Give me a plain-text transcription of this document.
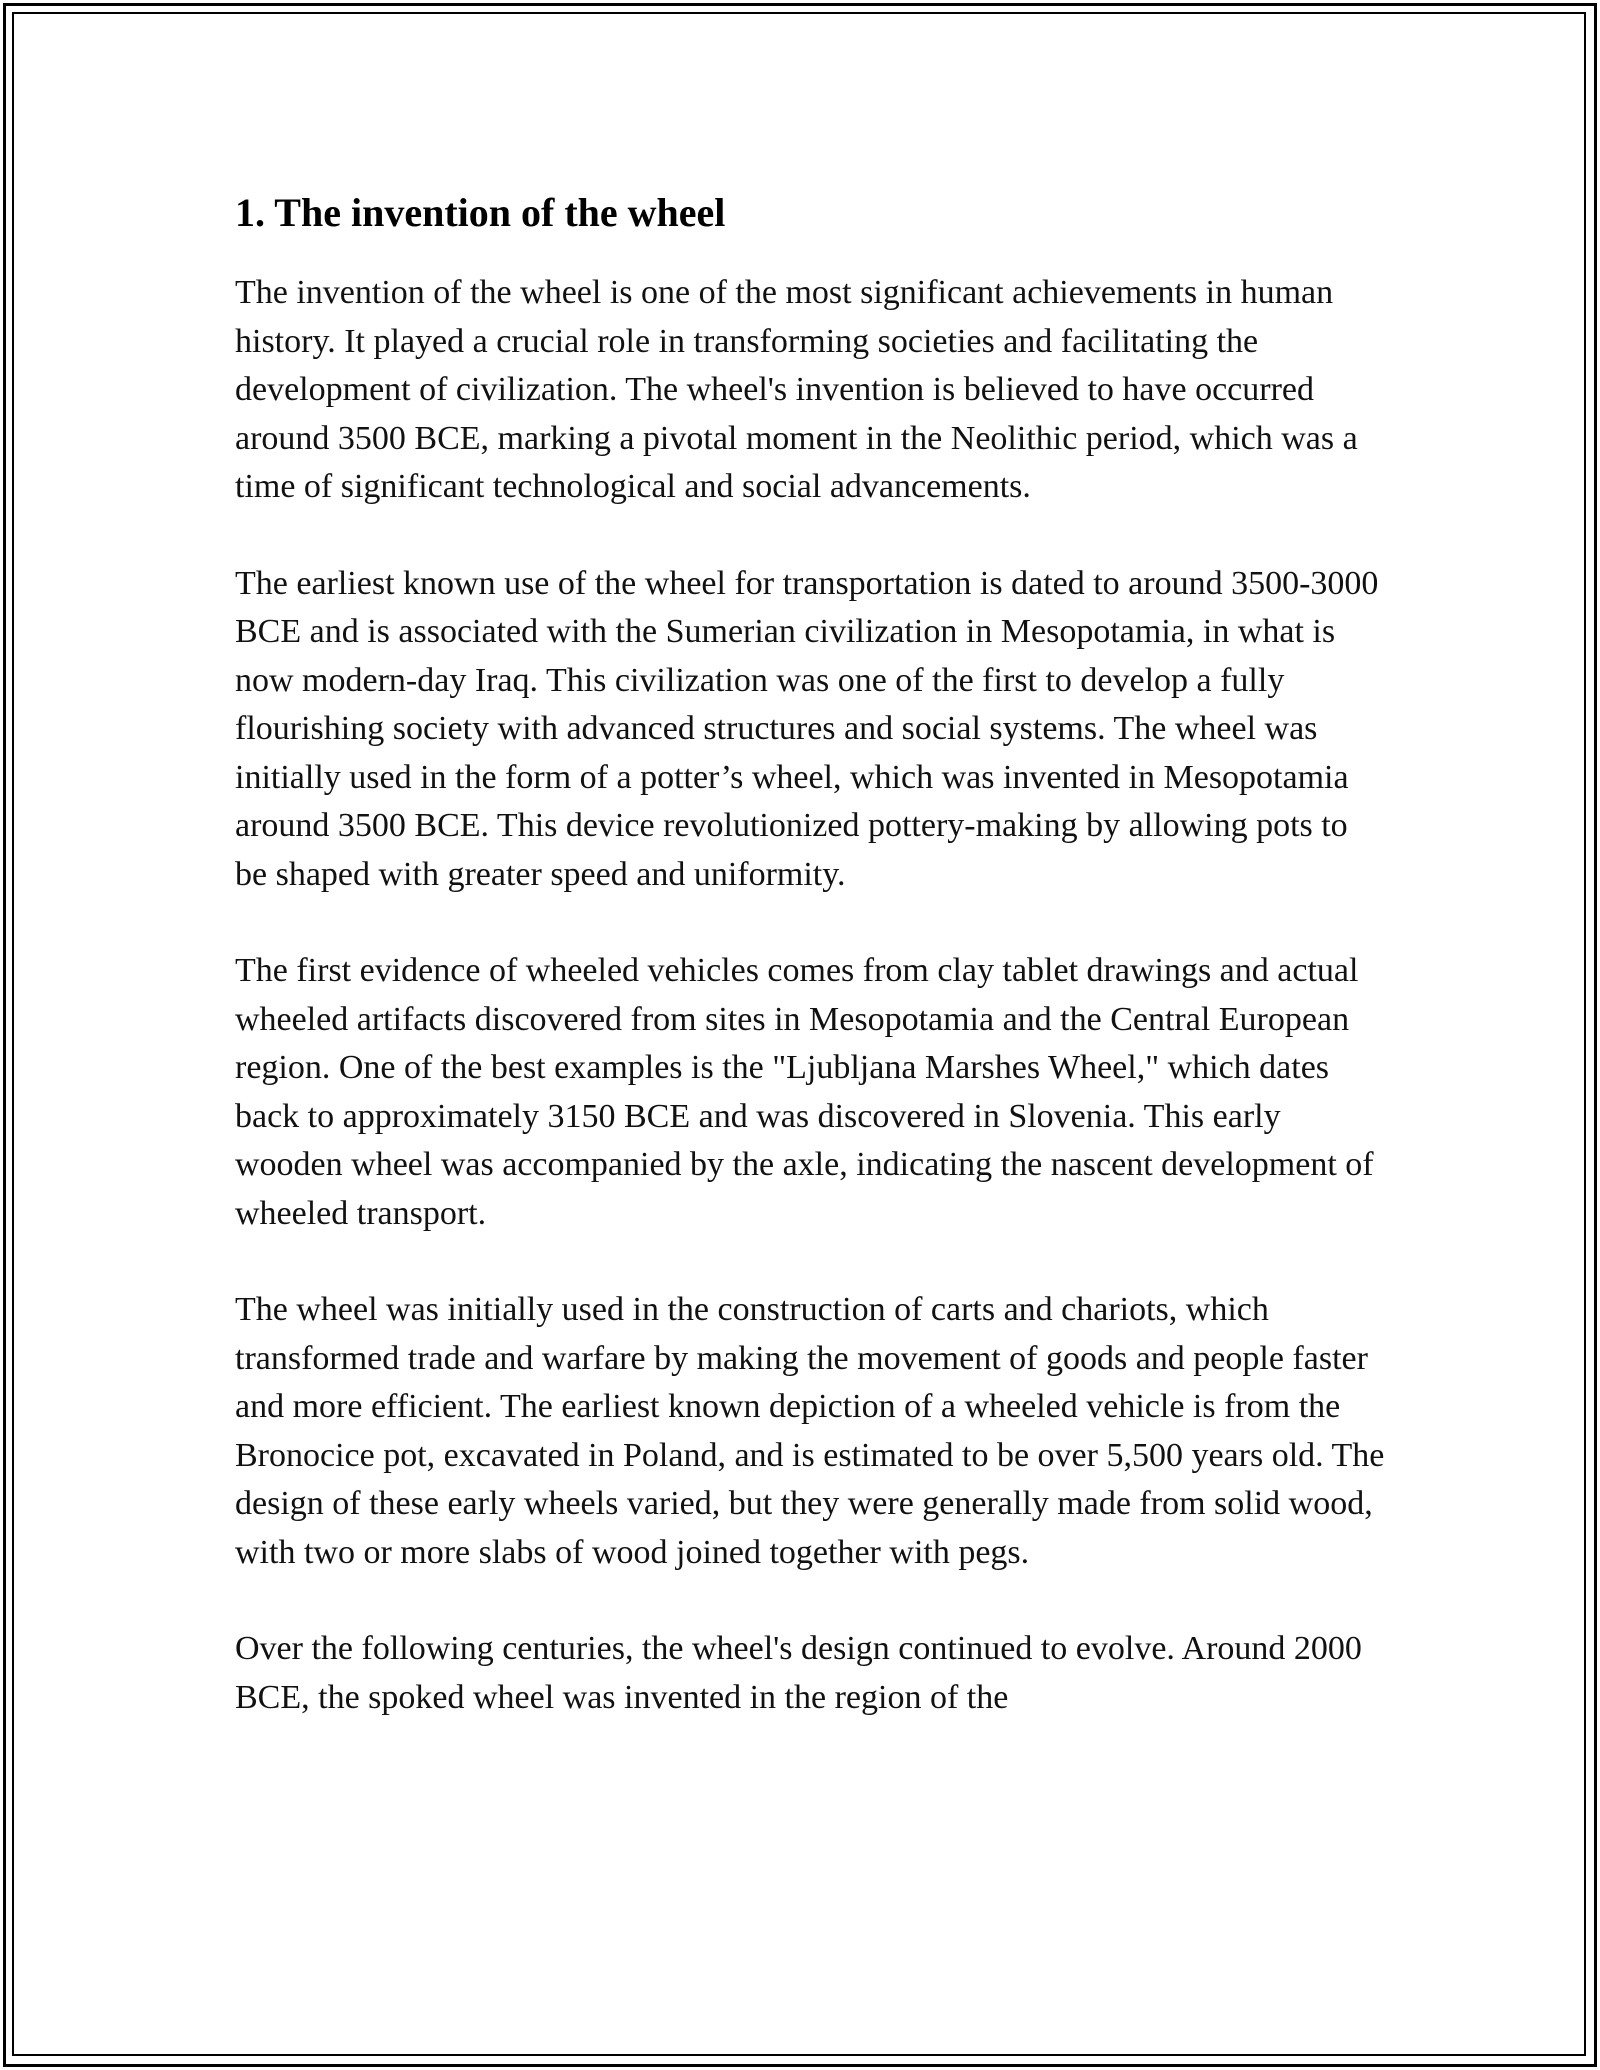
1. The invention of the wheel

The invention of the wheel is one of the most significant achievements in human history. It played a crucial role in transforming societies and facilitating the development of civilization. The wheel's invention is believed to have occurred around 3500 BCE, marking a pivotal moment in the Neolithic period, which was a time of significant technological and social advancements.

The earliest known use of the wheel for transportation is dated to around 3500-3000 BCE and is associated with the Sumerian civilization in Mesopotamia, in what is now modern-day Iraq. This civilization was one of the first to develop a fully flourishing society with advanced structures and social systems. The wheel was initially used in the form of a potter’s wheel, which was invented in Mesopotamia around 3500 BCE. This device revolutionized pottery-making by allowing pots to be shaped with greater speed and uniformity.

The first evidence of wheeled vehicles comes from clay tablet drawings and actual wheeled artifacts discovered from sites in Mesopotamia and the Central European region. One of the best examples is the "Ljubljana Marshes Wheel," which dates back to approximately 3150 BCE and was discovered in Slovenia. This early wooden wheel was accompanied by the axle, indicating the nascent development of wheeled transport.

The wheel was initially used in the construction of carts and chariots, which transformed trade and warfare by making the movement of goods and people faster and more efficient. The earliest known depiction of a wheeled vehicle is from the Bronocice pot, excavated in Poland, and is estimated to be over 5,500 years old. The design of these early wheels varied, but they were generally made from solid wood, with two or more slabs of wood joined together with pegs.

Over the following centuries, the wheel's design continued to evolve. Around 2000 BCE, the spoked wheel was invented in the region of the
